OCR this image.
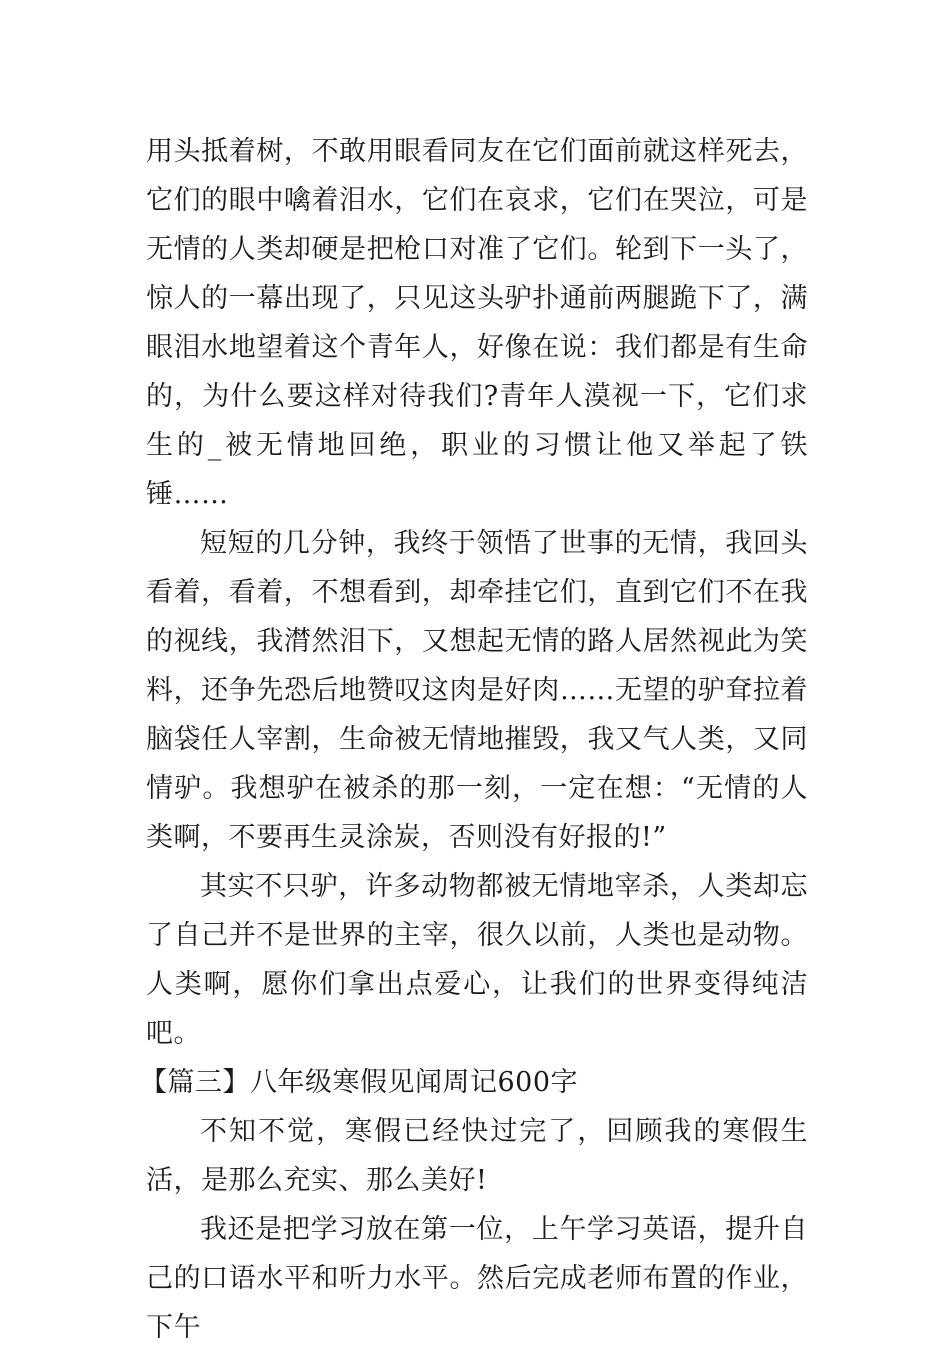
用头抵着树，不敢用眼看同友在它们面前就这样死去，它们的眼中噙着泪水，它们在哀求，它们在哭泣，可是无情的人类却硬是把枪口对准了它们。轮到下一头了，惊人的一幕出现了，只见这头驴扑通前两腿跪下了，满眼泪水地望着这个青年人，好像在说：我们都是有生命的，为什么要这样对待我们?青年人漠视一下，它们求生的_被无情地回绝，职业的习惯让他又举起了铁锤……

短短的几分钟，我终于领悟了世事的无情，我回头看着，看着，不想看到，却牵挂它们，直到它们不在我的视线，我潸然泪下，又想起无情的路人居然视此为笑料，还争先恐后地赞叹这肉是好肉……无望的驴耷拉着脑袋任人宰割，生命被无情地摧毁，我又气人类，又同情驴。我想驴在被杀的那一刻，一定在想：“无情的人类啊，不要再生灵涂炭，否则没有好报的!”

其实不只驴，许多动物都被无情地宰杀，人类却忘了自己并不是世界的主宰，很久以前，人类也是动物。人类啊，愿你们拿出点爱心，让我们的世界变得纯洁吧。

【篇三】八年级寒假见闻周记600字

不知不觉，寒假已经快过完了，回顾我的寒假生活，是那么充实、那么美好!

我还是把学习放在第一位，上午学习英语，提升自己的口语水平和听力水平。然后完成老师布置的作业，下午
